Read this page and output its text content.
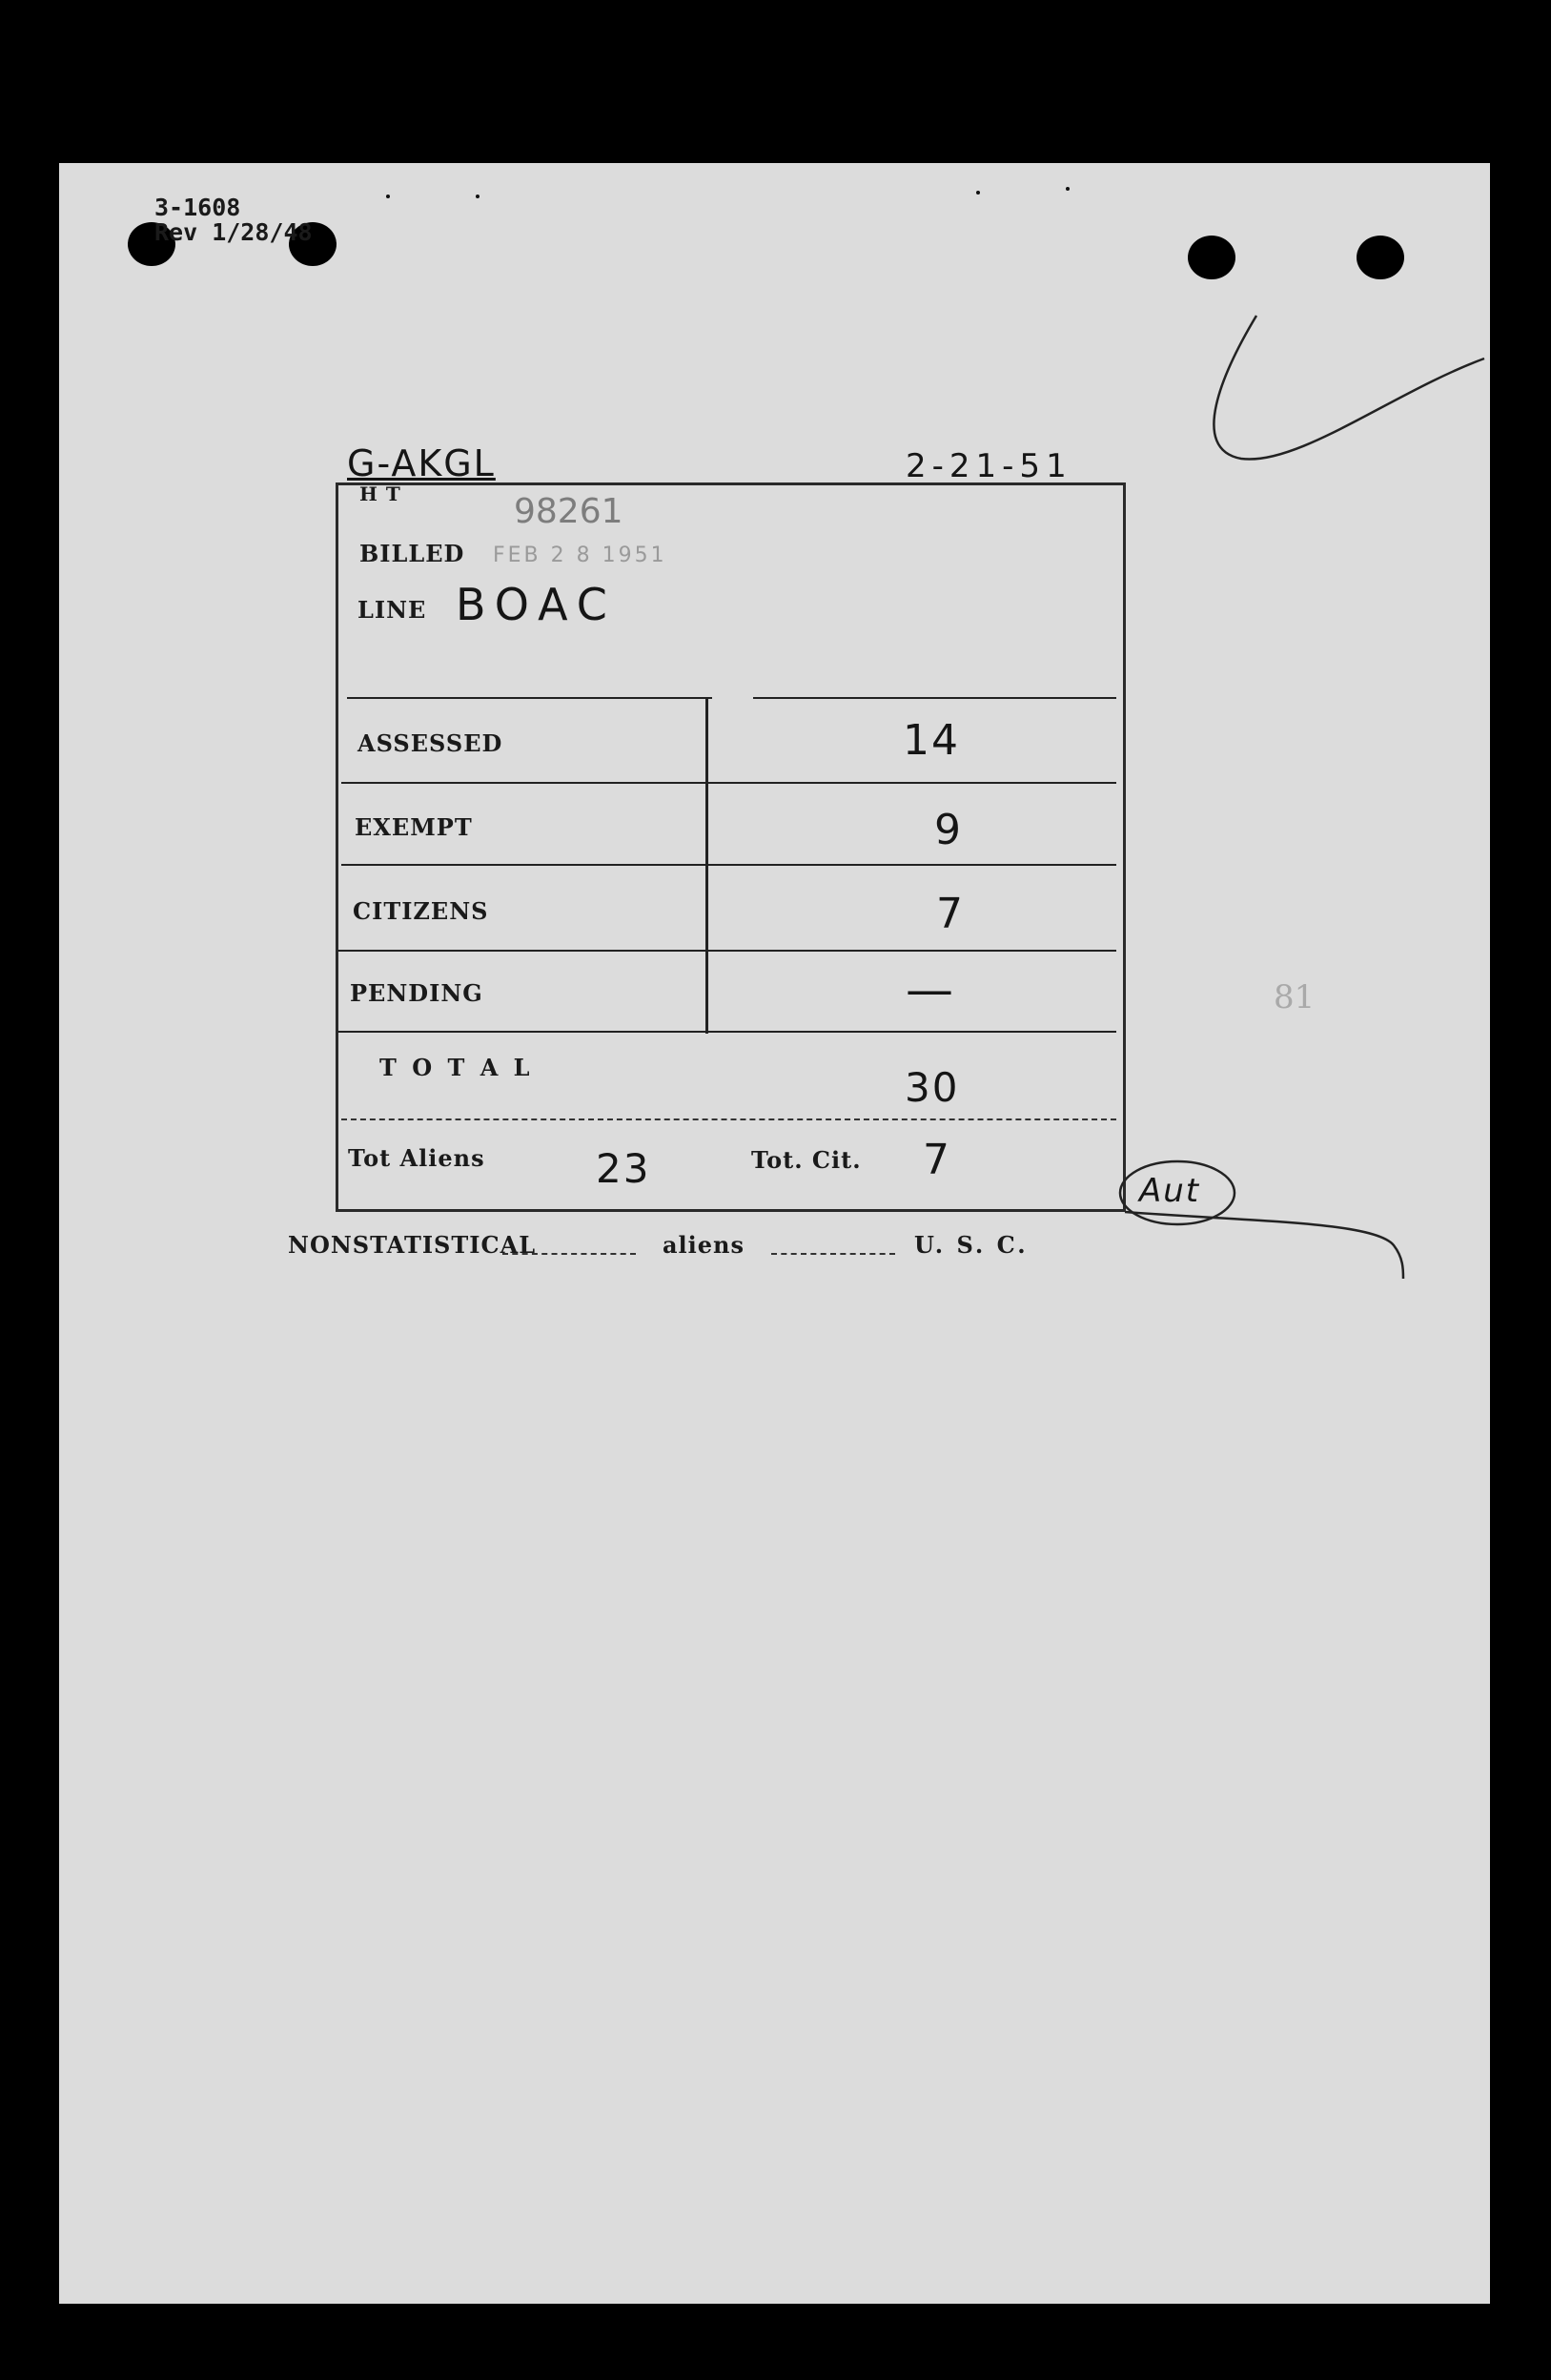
3-1608
Rev 1/28/48
G-AKGL	2-21-51
H T	98261
BILLED FEB 2 8 1951
LINE BOAC
ASSESSED	14
EXEMPT	9
CITIZENS	7
PENDING	—
T O T A L	30
Tot Aliens	23	Tot. Cit. 7
NONSTATISTICAL	aliens	U. S. C.
Aut
81
